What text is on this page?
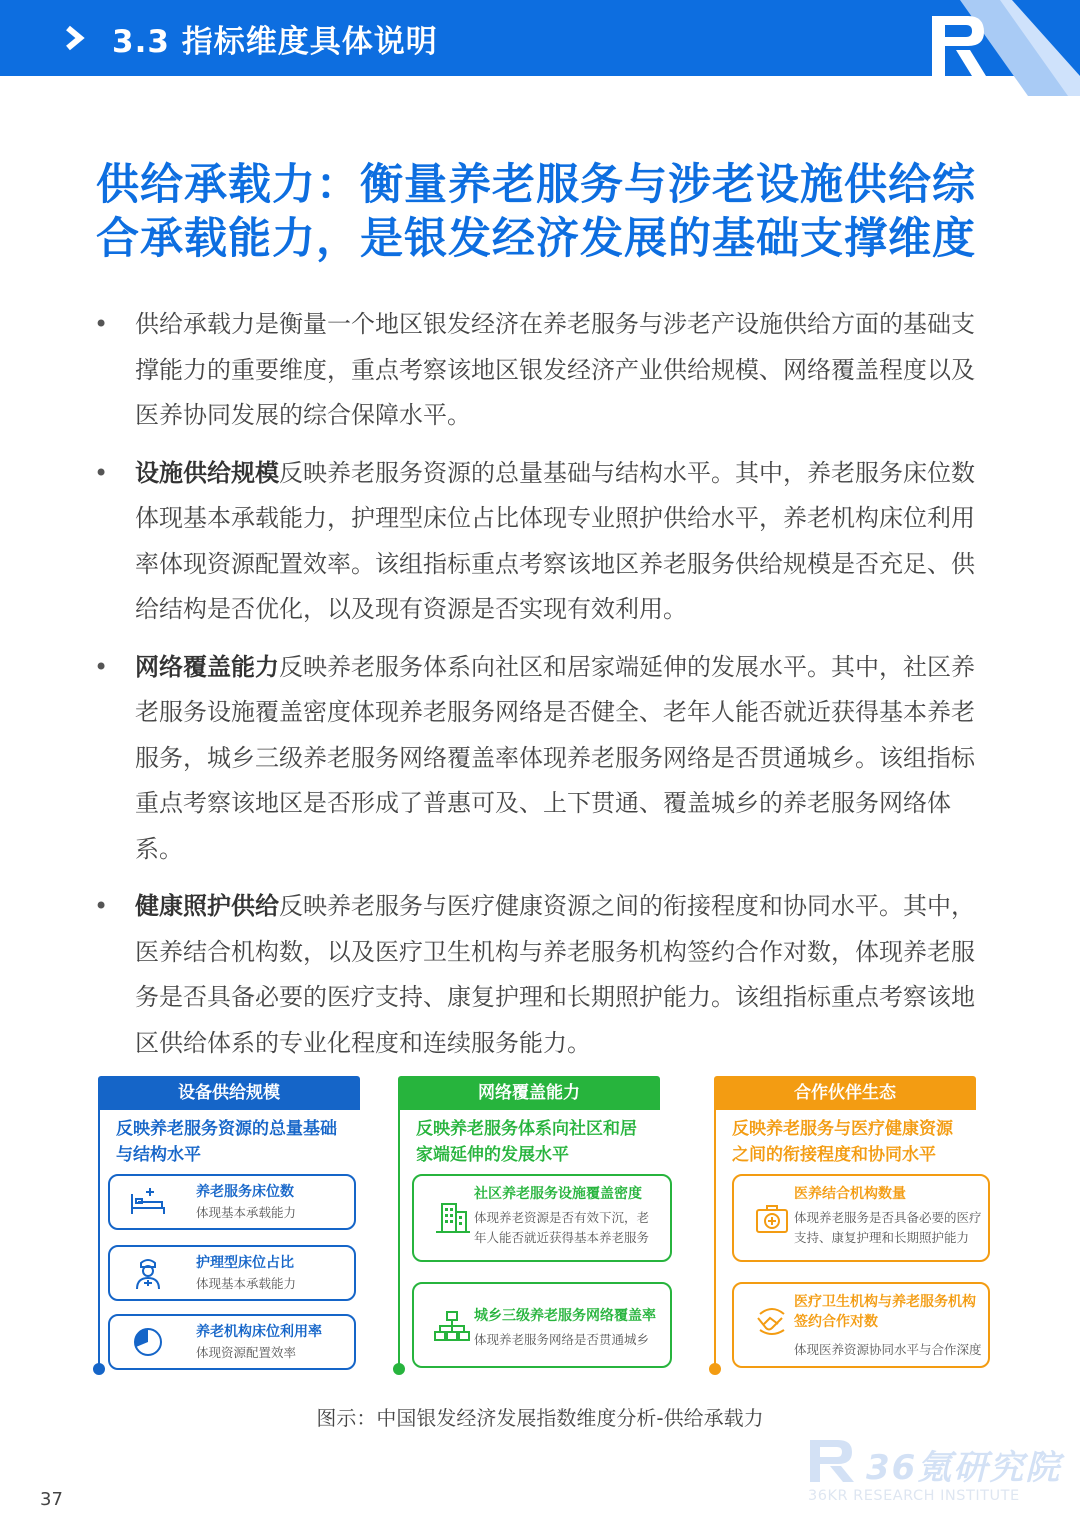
3.3 指标维度具体说明
供给承载力：衡量养老服务与涉老设施供给综
合承载能力，是银发经济发展的基础支撑维度
• 供给承载力是衡量一个地区银发经济在养老服务与涉老产设施供给方面的基础支撑能力的重要维度，重点考察该地区银发经济产业供给规模、网络覆盖程度以及医养协同发展的综合保障水平。
• 设施供给规模反映养老服务资源的总量基础与结构水平。其中，养老服务床位数体现基本承载能力，护理型床位占比体现专业照护供给水平，养老机构床位利用率体现资源配置效率。该组指标重点考察该地区养老服务供给规模是否充足、供给结构是否优化，以及现有资源是否实现有效利用。
• 网络覆盖能力反映养老服务体系向社区和居家端延伸的发展水平。其中，社区养老服务设施覆盖密度体现养老服务网络是否健全、老年人能否就近获得基本养老服务，城乡三级养老服务网络覆盖率体现养老服务网络是否贯通城乡。该组指标重点考察该地区是否形成了普惠可及、上下贯通、覆盖城乡的养老服务网络体系。
• 健康照护供给反映养老服务与医疗健康资源之间的衔接程度和协同水平。其中，医养结合机构数，以及医疗卫生机构与养老服务机构签约合作对数，体现养老服务是否具备必要的医疗支持、康复护理和长期照护能力。该组指标重点考察该地区供给体系的专业化程度和连续服务能力。
设备供给规模
反映养老服务资源的总量基础与结构水平
养老服务床位数
体现基本承载能力
护理型床位占比
体现基本承载能力
养老机构床位利用率
体现资源配置效率
网络覆盖能力
反映养老服务体系向社区和居家端延伸的发展水平
社区养老服务设施覆盖密度
体现养老资源是否有效下沉，老年人能否就近获得基本养老服务
城乡三级养老服务网络覆盖率
体现养老服务网络是否贯通城乡
合作伙伴生态
反映养老服务与医疗健康资源之间的衔接程度和协同水平
医养结合机构数量
体现养老服务是否具备必要的医疗支持、康复护理和长期照护能力
医疗卫生机构与养老服务机构签约合作对数
体现医养资源协同水平与合作深度
图示：中国银发经济发展指数维度分析-供给承载力
36氪研究院
36KR RESEARCH INSTITUTE
37
